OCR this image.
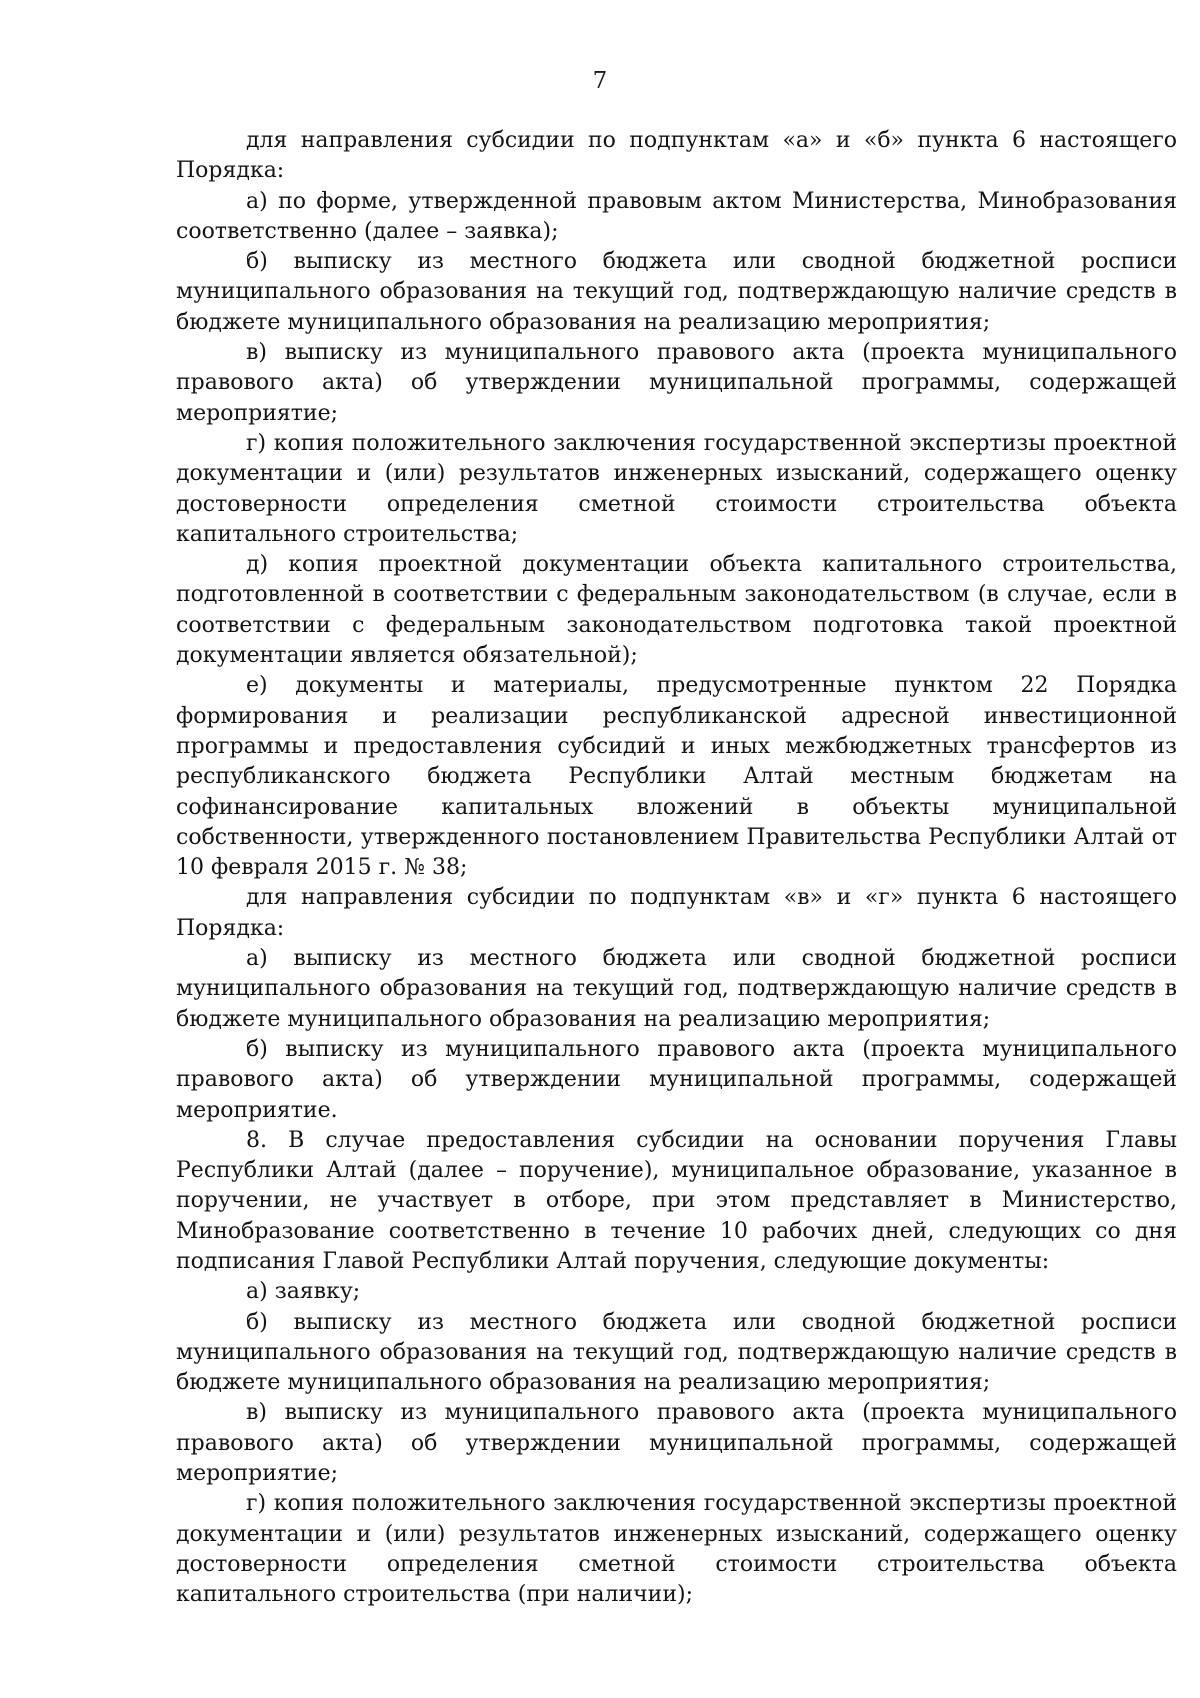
7

для направления субсидии по подпунктам «а» и «б» пункта 6 настоящего Порядка:

а) по форме, утвержденной правовым актом Министерства, Минобразования соответственно (далее – заявка);

б) выписку из местного бюджета или сводной бюджетной росписи муниципального образования на текущий год, подтверждающую наличие средств в бюджете муниципального образования на реализацию мероприятия;

в) выписку из муниципального правового акта (проекта муниципального правового акта) об утверждении муниципальной программы, содержащей мероприятие;

г) копия положительного заключения государственной экспертизы проектной документации и (или) результатов инженерных изысканий, содержащего оценку достоверности определения сметной стоимости строительства объекта капитального строительства;

д) копия проектной документации объекта капитального строительства, подготовленной в соответствии с федеральным законодательством (в случае, если в соответствии с федеральным законодательством подготовка такой проектной документации является обязательной);

е) документы и материалы, предусмотренные пунктом 22 Порядка формирования и реализации республиканской адресной инвестиционной программы и предоставления субсидий и иных межбюджетных трансфертов из республиканского бюджета Республики Алтай местным бюджетам на софинансирование капитальных вложений в объекты муниципальной собственности, утвержденного постановлением Правительства Республики Алтай от 10 февраля 2015 г. № 38;

для направления субсидии по подпунктам «в» и «г» пункта 6 настоящего Порядка:

а) выписку из местного бюджета или сводной бюджетной росписи муниципального образования на текущий год, подтверждающую наличие средств в бюджете муниципального образования на реализацию мероприятия;

б) выписку из муниципального правового акта (проекта муниципального правового акта) об утверждении муниципальной программы, содержащей мероприятие.

8. В случае предоставления субсидии на основании поручения Главы Республики Алтай (далее – поручение), муниципальное образование, указанное в поручении, не участвует в отборе, при этом представляет в Министерство, Минобразование соответственно в течение 10 рабочих дней, следующих со дня подписания Главой Республики Алтай поручения, следующие документы:

а) заявку;

б) выписку из местного бюджета или сводной бюджетной росписи муниципального образования на текущий год, подтверждающую наличие средств в бюджете муниципального образования на реализацию мероприятия;

в) выписку из муниципального правового акта (проекта муниципального правового акта) об утверждении муниципальной программы, содержащей мероприятие;

г) копия положительного заключения государственной экспертизы проектной документации и (или) результатов инженерных изысканий, содержащего оценку достоверности определения сметной стоимости строительства объекта капитального строительства (при наличии);
